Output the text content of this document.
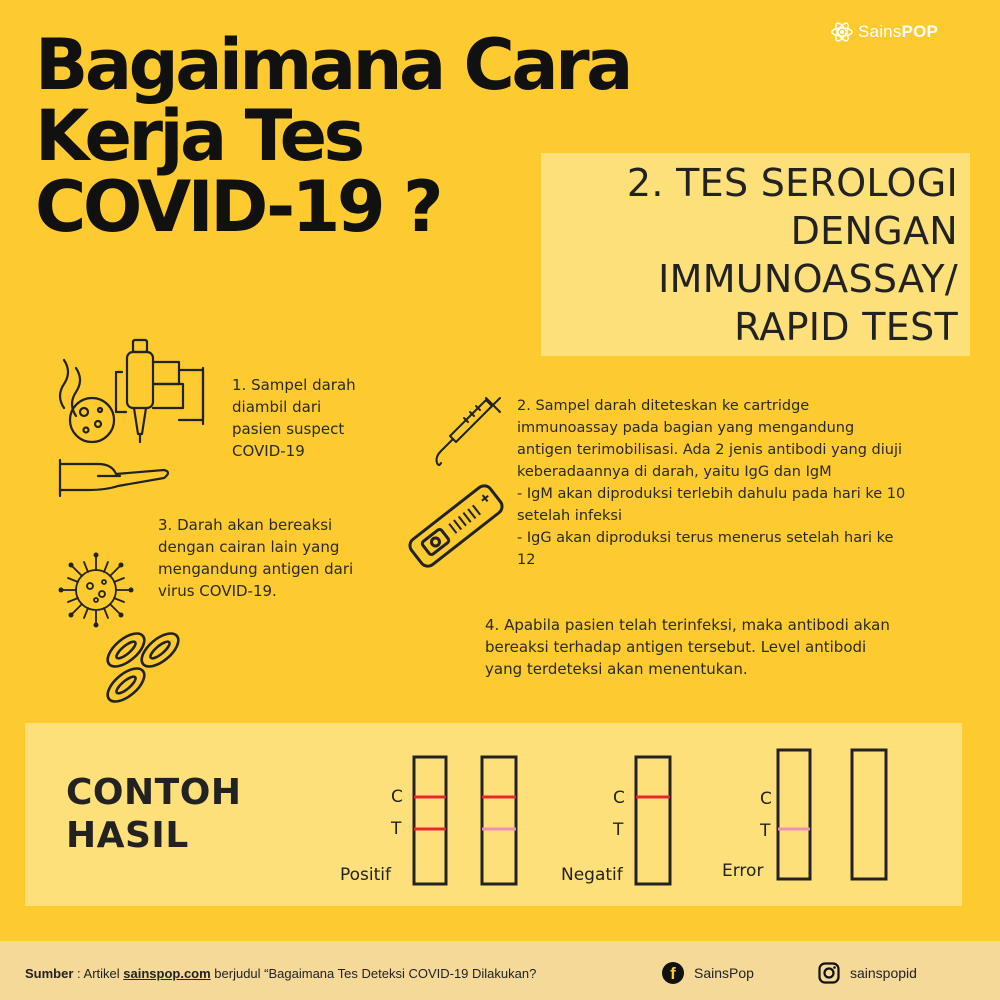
SainsPOP
Bagaimana Cara
Kerja Tes
COVID-19 ?	2. TES SEROLOGI
DENGAN
IMMUNOASSAY/
RAPID TEST
1. Sampel darah
diambil dari
pasien suspect
COVID-19
2. Sampel darah diteteskan ke cartridge
immunoassay pada bagian yang mengandung
antigen terimobilisasi. Ada 2 jenis antibodi yang diuji
keberadaannya di darah, yaitu IgG dan IgM
- IgM akan diproduksi terlebih dahulu pada hari ke 10
setelah infeksi
- IgG akan diproduksi terus menerus setelah hari ke
12
3. Darah akan bereaksi
dengan cairan lain yang
mengandung antigen dari
virus COVID-19.
4. Apabila pasien telah terinfeksi, maka antibodi akan
bereaksi terhadap antigen tersebut. Level antibodi
yang terdeteksi akan menentukan.
CONTOH
HASIL
C
T
Positif
C
T
Negatif
C
T
Error
Sumber : Artikel sainspop.com berjudul “Bagaimana Tes Deteksi COVID-19 Dilakukan?	f	SainsPop	sainspopid
